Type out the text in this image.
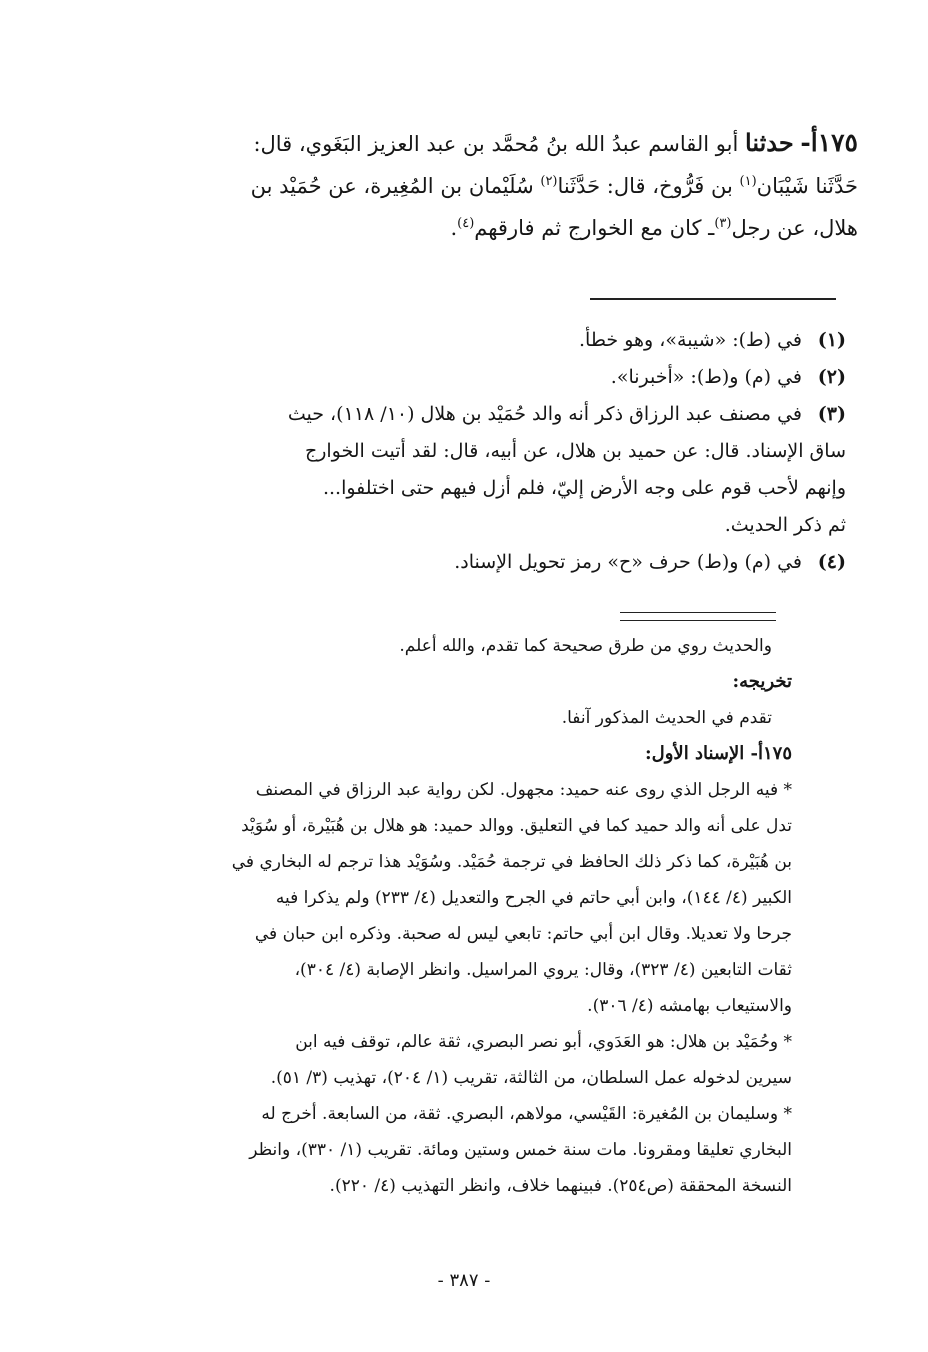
١٧٥أ- حدثنا أبو القاسم عبدُ الله بنُ مُحمَّد بن عبد العزيز البَغَوي، قال:

حَدَّثَنا شَيْبَان$^{(١)}$ بن فَرُّوخ، قال: حَدَّثَنا$^{(٢)}$ سُلَيْمان بن المُغِيرة، عن حُمَيْد بن

هلال، عن رجل$^{(٣)}$ـ كان مع الخوارج ثم فارقهم$^{(٤)}$.

(١)
في (ط): «شيبة»، وهو خطأ.
(٢)
في (م) و(ط): «أخبرنا».
(٣)
في مصنف عبد الرزاق ذكر أنه والد حُمَيْد بن هلال (١٠/ ١١٨)، حيث

ساق الإسناد. قال: عن حميد بن هلال، عن أبيه، قال: لقد أتيت الخوارج

وإنهم لأحب قوم على وجه الأرض إليّ، فلم أزل فيهم حتى اختلفوا...

ثم ذكر الحديث.

(٤)
في (م) و(ط) حرف «ح» رمز تحويل الإسناد.

والحديث روي من طرق صحيحة كما تقدم، والله أعلم.

تخريجه:

تقدم في الحديث المذكور آنفا.

١٧٥أ- الإسناد الأول:

* فيه الرجل الذي روى عنه حميد: مجهول. لكن رواية عبد الرزاق في المصنف

تدل على أنه والد حميد كما في التعليق. ووالد حميد: هو هلال بن هُبَيْرة، أو سُوَيْد

بن هُبَيْرة، كما ذكر ذلك الحافظ في ترجمة حُمَيْد. وسُوَيْد هذا ترجم له البخاري في

الكبير (٤/ ١٤٤)، وابن أبي حاتم في الجرح والتعديل (٤/ ٢٣٣) ولم يذكرا فيه

جرحا ولا تعديلا. وقال ابن أبي حاتم: تابعي ليس له صحبة. وذكره ابن حبان في

ثقات التابعين (٤/ ٣٢٣)، وقال: يروي المراسيل. وانظر الإصابة (٤/ ٣٠٤)،

والاستيعاب بهامشه (٤/ ٣٠٦).

* وحُمَيْد بن هلال: هو العَدَوي، أبو نصر البصري، ثقة عالم، توقف فيه ابن

سيرين لدخوله عمل السلطان، من الثالثة، تقريب (١/ ٢٠٤)، تهذيب (٣/ ٥١).

* وسليمان بن المُغيرة: القَيْسي، مولاهم، البصري. ثقة، من السابعة. أخرج له

البخاري تعليقا ومقرونا. مات سنة خمس وستين ومائة. تقريب (١/ ٣٣٠)، وانظر

النسخة المحققة (ص٢٥٤). فبينهما خلاف، وانظر التهذيب (٤/ ٢٢٠).

- ٣٨٧ -
